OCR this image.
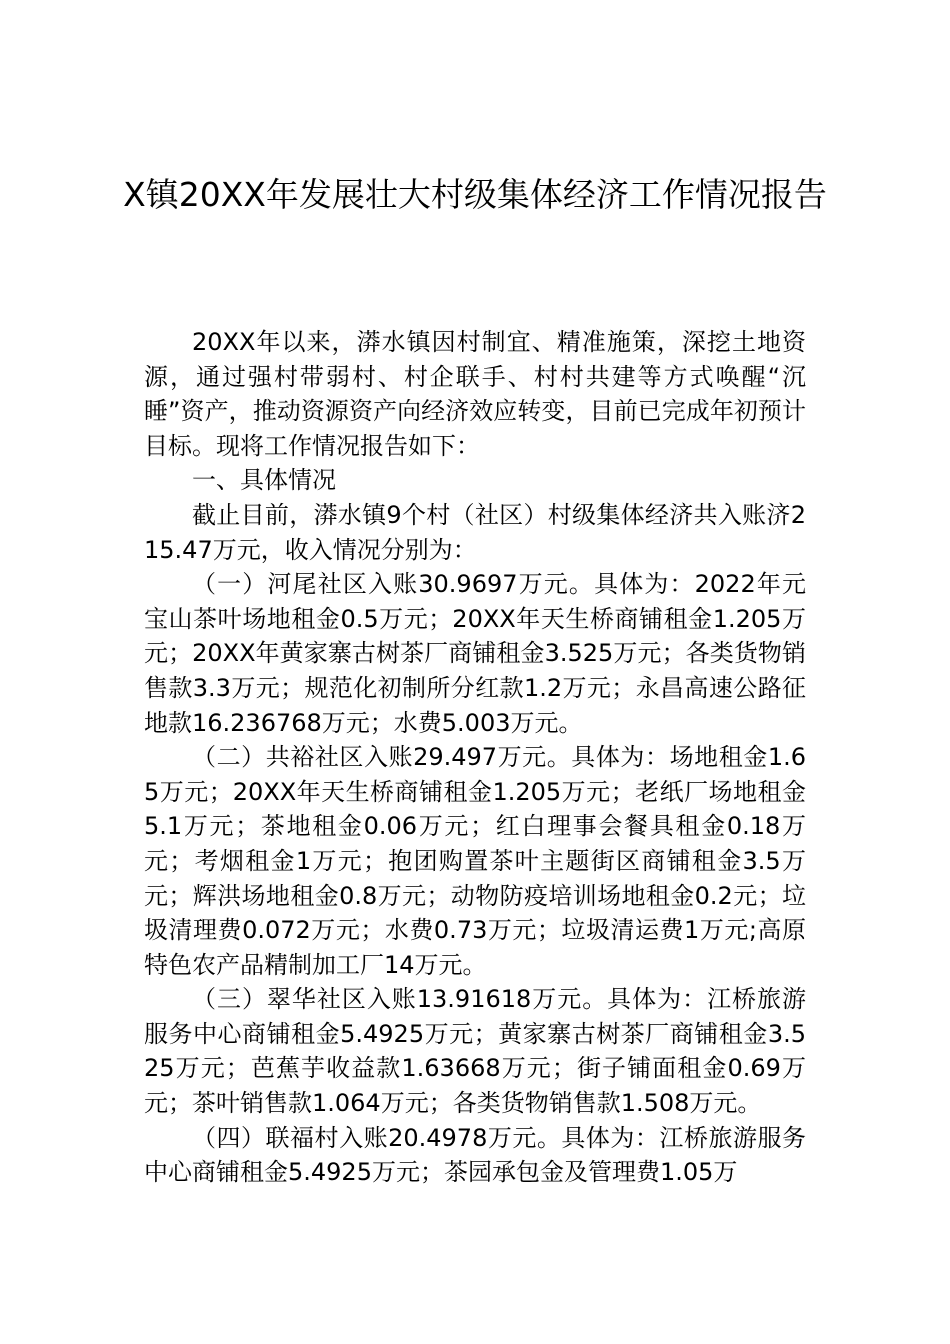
X镇20XX年发展壮大村级集体经济工作情况报告

20XX年以来，漭水镇因村制宜、精准施策，深挖土地资源，通过强村带弱村、村企联手、村村共建等方式唤醒“沉睡”资产，推动资源资产向经济效应转变，目前已完成年初预计目标。现将工作情况报告如下：

一、具体情况

截止目前，漭水镇9个村（社区）村级集体经济共入账济215.47万元，收入情况分别为：

（一）河尾社区入账30.9697万元。具体为：2022年元宝山茶叶场地租金0.5万元；20XX年天生桥商铺租金1.205万元；20XX年黄家寨古树茶厂商铺租金3.525万元；各类货物销售款3.3万元；规范化初制所分红款1.2万元；永昌高速公路征地款16.236768万元；水费5.003万元。

（二）共裕社区入账29.497万元。具体为：场地租金1.65万元；20XX年天生桥商铺租金1.205万元；老纸厂场地租金5.1万元；茶地租金0.06万元；红白理事会餐具租金0.18万元；考烟租金1万元；抱团购置茶叶主题街区商铺租金3.5万元；辉洪场地租金0.8万元；动物防疫培训场地租金0.2元；垃圾清理费0.072万元；水费0.73万元；垃圾清运费1万元;高原特色农产品精制加工厂14万元。

（三）翠华社区入账13.91618万元。具体为：江桥旅游服务中心商铺租金5.4925万元；黄家寨古树茶厂商铺租金3.525万元；芭蕉芋收益款1.63668万元；街子铺面租金0.69万元；茶叶销售款1.064万元；各类货物销售款1.508万元。

（四）联福村入账20.4978万元。具体为：江桥旅游服务中心商铺租金5.4925万元；茶园承包金及管理费1.05万
